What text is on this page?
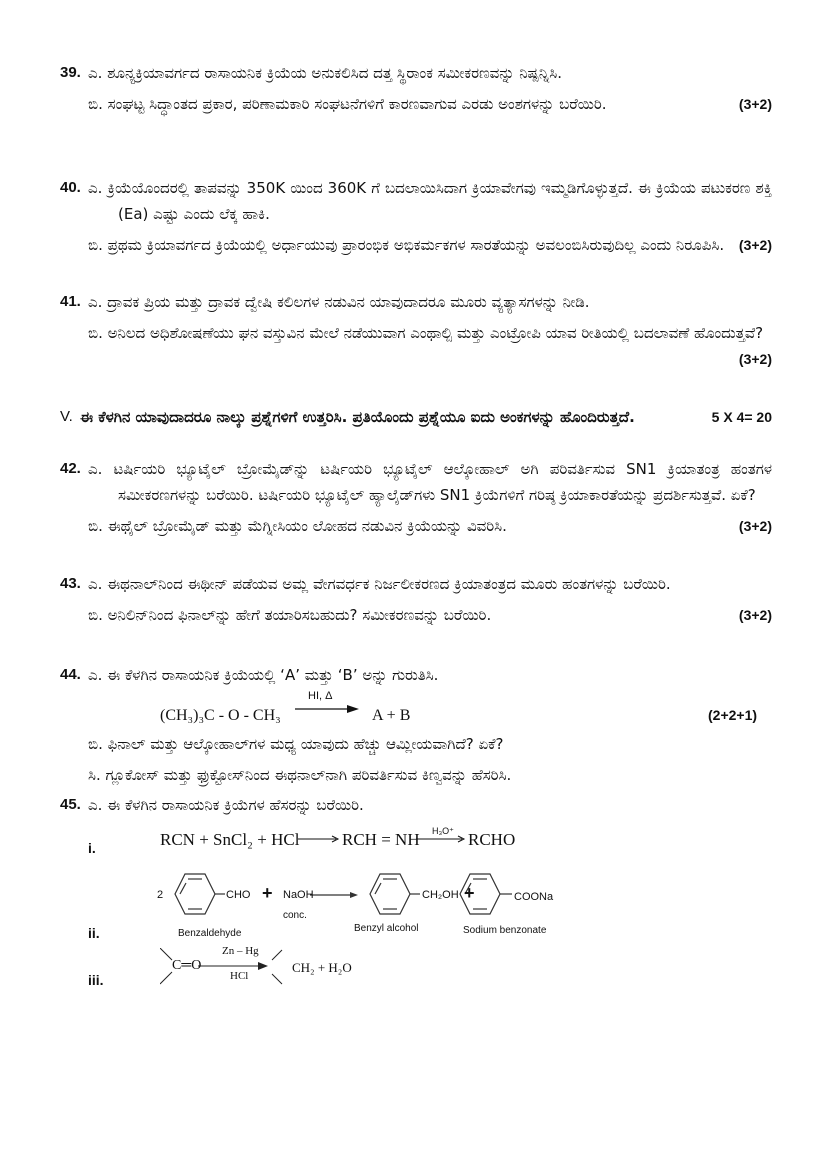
39. ಎ. ಶೂನ್ಯಕ್ರಿಯಾವರ್ಗದ ರಾಸಾಯನಿಕ ಕ್ರಿಯೆಯ ಅನುಕಲಿಸಿದ ದತ್ತ ಸ್ಥಿರಾಂಕ ಸಮೀಕರಣವನ್ನು ನಿಷ್ಪನ್ನಿಸಿ.
ಬಿ. ಸಂಘಟ್ಟ ಸಿದ್ಧಾಂತದ ಪ್ರಕಾರ, ಪರಿಣಾಮಕಾರಿ ಸಂಘಟನೆಗಳಿಗೆ ಕಾರಣವಾಗುವ ಎರಡು ಅಂಶಗಳನ್ನು ಬರೆಯಿರಿ.	(3+2)
40. ಎ. ಕ್ರಿಯೆಯೊಂದರಲ್ಲಿ ತಾಪವನ್ನು 350K ಯಿಂದ 360K ಗೆ ಬದಲಾಯಿಸಿದಾಗ ಕ್ರಿಯಾವೇಗವು ಇಮ್ಮಡಿಗೊಳ್ಳುತ್ತದೆ. ಈ ಕ್ರಿಯೆಯ ಪಟುಕರಣ ಶಕ್ತಿ (Ea) ಎಷ್ಟು ಎಂದು ಲೆಕ್ಕ ಹಾಕಿ.
ಬಿ. ಪ್ರಥಮ ಕ್ರಿಯಾವರ್ಗದ ಕ್ರಿಯೆಯಲ್ಲಿ ಅರ್ಧಾಯುವು ಪ್ರಾರಂಭಿಕ ಅಭಿಕರ್ಮಕಗಳ ಸಾರತೆಯನ್ನು ಅವಲಂಬಿಸಿರುವುದಿಲ್ಲ ಎಂದು ನಿರೂಪಿಸಿ. (3+2)
41. ಎ. ದ್ರಾವಕ ಪ್ರಿಯ ಮತ್ತು ದ್ರಾವಕ ದ್ವೇಷಿ ಕಲಿಲಗಳ ನಡುವಿನ ಯಾವುದಾದರೂ ಮೂರು ವ್ಯತ್ಯಾಸಗಳನ್ನು ನೀಡಿ.
ಬಿ. ಅನಿಲದ ಅಧಿಶೋಷಣೆಯು ಘನ ವಸ್ತುವಿನ ಮೇಲೆ ನಡೆಯುವಾಗ ಎಂಥಾಲ್ಪಿ ಮತ್ತು ಎಂಟ್ರೋಪಿ ಯಾವ ರೀತಿಯಲ್ಲಿ ಬದಲಾವಣೆ ಹೊಂದುತ್ತವೆ?
(3+2)
V. ಈ ಕೆಳಗಿನ ಯಾವುದಾದರೂ ನಾಲ್ಕು ಪ್ರಶ್ನೆಗಳಿಗೆ ಉತ್ತರಿಸಿ. ಪ್ರತಿಯೊಂದು ಪ್ರಶ್ನೆಯೂ ಐದು ಅಂಕಗಳನ್ನು ಹೊಂದಿರುತ್ತದೆ.	5 X 4= 20
42. ಎ. ಟರ್ಷಿಯರಿ ಭ್ಯೂಟೈಲ್ ಬ್ರೋಮೈಡ್‌ನ್ನು ಟರ್ಷಿಯರಿ ಭ್ಯೂಟೈಲ್ ಆಲ್ಕೋಹಾಲ್ ಅಗಿ ಪರಿವರ್ತಿಸುವ SN1 ಕ್ರಿಯಾತಂತ್ರ ಹಂತಗಳ ಸಮೀಕರಣಗಳನ್ನು ಬರೆಯಿರಿ. ಟರ್ಷಿಯರಿ ಭ್ಯೂಟೈಲ್ ಹ್ಯಾಲೈಡ್‌ಗಳು SN1 ಕ್ರಿಯೆಗಳಿಗೆ ಗರಿಷ್ಠ ಕ್ರಿಯಾಕಾರತೆಯನ್ನು ಪ್ರದರ್ಶಿಸುತ್ತವೆ. ಏಕೆ?
ಬಿ. ಈಥೈಲ್ ಬ್ರೋಮೈಡ್ ಮತ್ತು ಮೆಗ್ನೀಸಿಯಂ ಲೋಹದ ನಡುವಿನ ಕ್ರಿಯೆಯನ್ನು ವಿವರಿಸಿ.	(3+2)
43. ಎ. ಈಥನಾಲ್‌ನಿಂದ ಈಥೀನ್ ಪಡೆಯವ ಅಮ್ಲ ವೇಗವರ್ಧಕ ನಿರ್ಜಲೀಕರಣದ ಕ್ರಿಯಾತಂತ್ರದ ಮೂರು ಹಂತಗಳನ್ನು ಬರೆಯಿರಿ.
ಬಿ. ಅನಿಲಿನ್‌ನಿಂದ ಫಿನಾಲ್‌ನ್ನು ಹೇಗೆ ತಯಾರಿಸಬಹುದು? ಸಮೀಕರಣವನ್ನು ಬರೆಯಿರಿ.	(3+2)
44. ಎ. ಈ ಕೆಳಗಿನ ರಾಸಾಯನಿಕ ಕ್ರಿಯೆಯಲ್ಲಿ ‘A’ ಮತ್ತು ‘B’ ಅನ್ನು ಗುರುತಿಸಿ.
(CH₃)₃C - O - CH₃
HI, Δ
A + B	(2+2+1)
ಬಿ. ಫಿನಾಲ್ ಮತ್ತು ಆಲ್ಕೋಹಾಲ್‌ಗಳ ಮಧ್ಯ ಯಾವುದು ಹೆಚ್ಚು ಆಮ್ಲೀಯವಾಗಿದೆ? ಏಕೆ?
ಸಿ. ಗ್ಲೂಕೋಸ್ ಮತ್ತು ಫ್ರುಕ್ಟೋಸ್‌ನಿಂದ ಈಥನಾಲ್‌ನಾಗಿ ಪರಿವರ್ತಿಸುವ ಕಿಣ್ವವನ್ನು ಹೆಸರಿಸಿ.
45. ಎ. ಈ ಕೆಳಗಿನ ರಾಸಾಯನಿಕ ಕ್ರಿಯೆಗಳ ಹೆಸರನ್ನು ಬರೆಯಿರಿ.
i.	RCN + SnCl₂ + HCl	RCH = NH H₃O⁺ RCHO
ii.
2	CHO + NaOH
conc.
CH₂OH +	COONa
Benzaldehyde	Benzyl alcohol	Sodium benzonate
iii.
C═O
Zn – Hg
HCl
CH₂ + H₂O
